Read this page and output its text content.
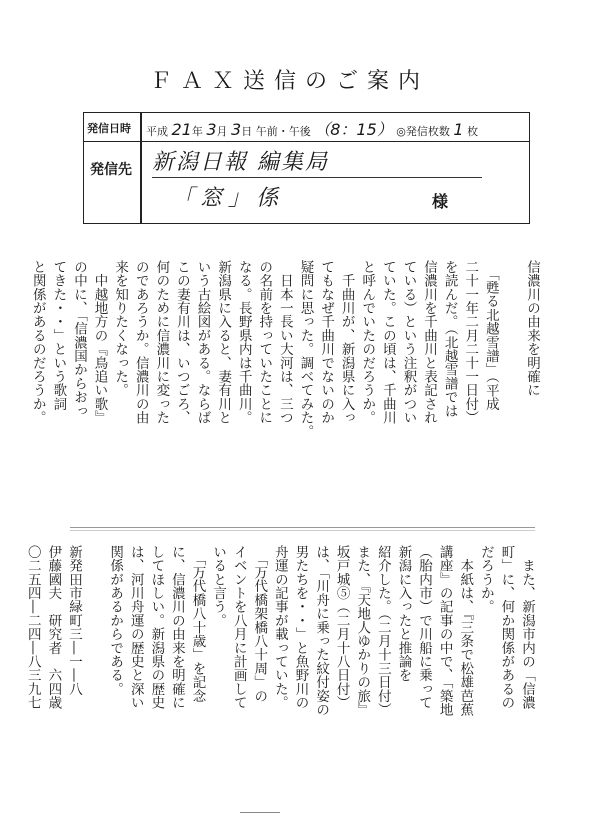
ＦＡＸ送信のご案内
発信日時	平成 21年 3月 3日 午前・午後 （8：15） ◎発信枚数 1 枚
発信先 新潟日報 編集局
「窓」係	様
信濃川の由来を明確に

　「甦る北越雪譜」（平成
二十一年二月二十一日付）
を読んだ。（北越雪譜では
信濃川を千曲川と表記され
ている）という注釈がつい
ていた。この頃は、千曲川
と呼んでいたのだろうか。
　千曲川が、新潟県に入っ
てもなぜ千曲川でないのか
疑問に思った。調べてみた。
　日本一長い大河は、三つ
の名前を持っていたことに
なる。長野県内は千曲川。
新潟県に入ると、妻有川と
いう古絵図がある。ならば
この妻有川は、いつごろ、
何のために信濃川に変った
のであろうか。信濃川の由
来を知りたくなった。
　中越地方の『鳥追い歌』
の中に、「信濃国からおっ
てきた・・」という歌詞
と関係があるのだろうか。
　また、新潟市内の「信濃
町」に、何か関係があるの
だろうか。
　本紙は、『三条で松雄芭蕉
講座』の記事の中で、「築地
（胎内市）で川船に乗って
新潟に入ったと推論を
紹介した。（二月十三日付）
また、『天地人ゆかりの旅』
坂戸城⑤（二月十八日付）
は、「川舟に乗った紋付姿の
男たちを・・」と魚野川の
舟運の記事が載っていた。
　「万代橋架橋八十周」の
イベントを八月に計画して
いると言う。
　「万代橋八十歳」を記念
に、信濃川の由来を明確に
してほしい。新潟県の歴史
は、河川舟運の歴史と深い
関係があるからである。

新発田市緑町三―一―八
伊藤國夫　研究者　六四歳
〇二五四―二四―八三九七
